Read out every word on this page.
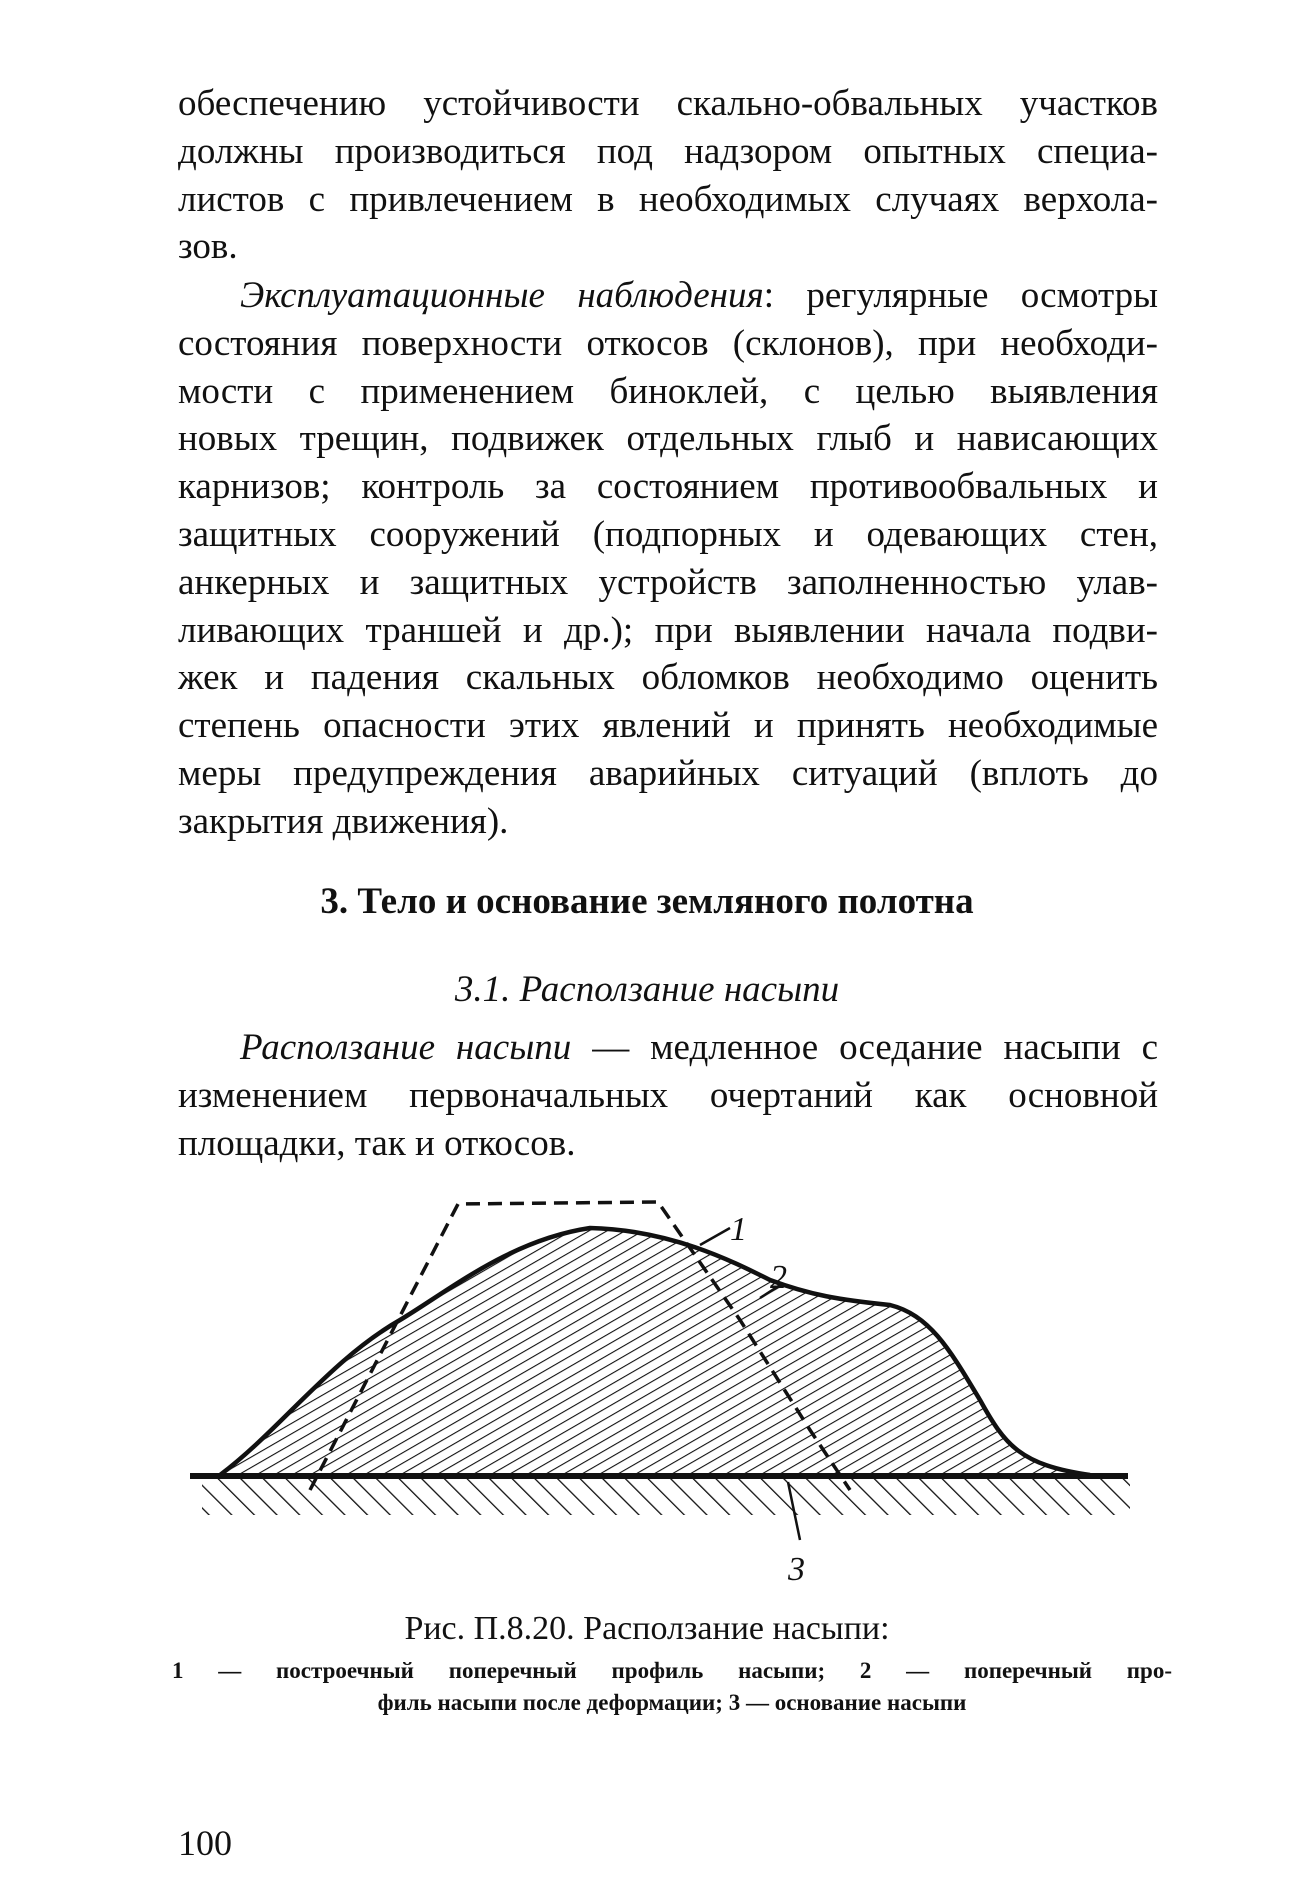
обеспечению устойчивости скально-обвальных участков
должны производиться под надзором опытных специа-
листов с привлечением в необходимых случаях верхола-
зов.
Эксплуатационные наблюдения: регулярные осмотры
состояния поверхности откосов (склонов), при необходи-
мости с применением биноклей, с целью выявления
новых трещин, подвижек отдельных глыб и нависающих
карнизов; контроль за состоянием противообвальных и
защитных сооружений (подпорных и одевающих стен,
анкерных и защитных устройств заполненностью улав-
ливающих траншей и др.); при выявлении начала подви-
жек и падения скальных обломков необходимо оценить
степень опасности этих явлений и принять необходимые
меры предупреждения аварийных ситуаций (вплоть до
закрытия движения).
3. Тело и основание земляного полотна
3.1. Расползание насыпи
Расползание насыпи — медленное оседание насыпи с
изменением первоначальных очертаний как основной
площадки, так и откосов.
1
2
3
Рис. П.8.20. Расползание насыпи:
1 — построечный поперечный профиль насыпи; 2 — поперечный про-
филь насыпи после деформации; 3 — основание насыпи
100
